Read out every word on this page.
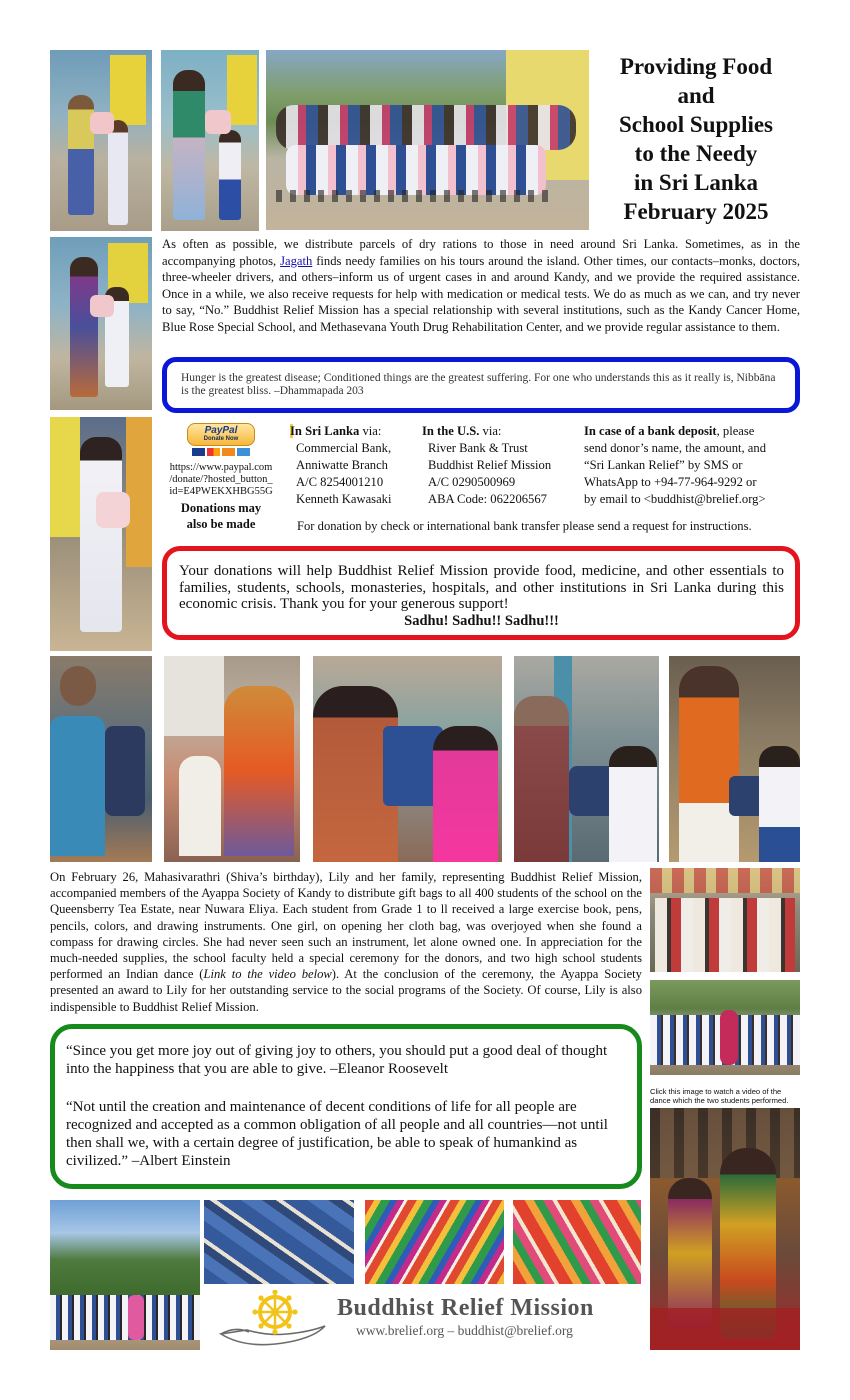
Providing Food
and
School Supplies
to the Needy
in Sri Lanka
February 2025
As often as possible, we distribute parcels of dry rations to those in need around Sri Lanka. Sometimes, as in the accompanying photos, Jagath finds needy families on his tours around the island. Other times, our contacts–monks, doctors, three-wheeler drivers, and others–inform us of urgent cases in and around Kandy, and we provide the required assistance. Once in a while, we also receive requests for help with medication or medical tests. We do as much as we can, and try never to say, “No.” Buddhist Relief Mission has a special relationship with several institutions, such as the Kandy Cancer Home, Blue Rose Special School, and Methasevana Youth Drug Rehabilitation Center, and we provide regular assistance to them.
Hunger is the greatest disease; Conditioned things are the greatest suffering. For one who understands this as it really is, Nibbāna is the greatest bliss. –Dhammapada 203
PayPal
Donate Now
https://www.paypal.com
/donate/?hosted_button_
id=E4PWEKXHBG55G
Donations may
also be made
In Sri Lanka via:
Commercial Bank,
Anniwatte Branch
A/C 8254001210
Kenneth Kawasaki
In the U.S. via:
River Bank & Trust
Buddhist Relief Mission
A/C 0290500969
ABA Code: 062206567
In case of a bank deposit, please
send donor’s name, the amount, and
“Sri Lankan Relief” by SMS or
WhatsApp to +94-77-964-9292 or
by email to <buddhist@brelief.org>
For donation by check or international bank transfer please send a request for instructions.
Your donations will help Buddhist Relief Mission provide food, medicine, and other essentials to families, students, schools, monasteries, hospitals, and other institutions in Sri Lanka during this economic crisis. Thank you for your generous support!
Sadhu! Sadhu!! Sadhu!!!
On February 26, Mahasivarathri (Shiva’s birthday), Lily and her family, representing Buddhist Relief Mission, accompanied members of the Ayappa Society of Kandy to distribute gift bags to all 400 students of the school on the Queensberry Tea Estate, near Nuwara Eliya. Each student from Grade 1 to ll received a large exercise book, pens, pencils, colors, and drawing instruments. One girl, on opening her cloth bag, was overjoyed when she found a compass for drawing circles. She had never seen such an instrument, let alone owned one. In appreciation for the much-needed supplies, the school faculty held a special ceremony for the donors, and two high school students performed an Indian dance (Link to the video below). At the conclusion of the ceremony, the Ayappa Society presented an award to Lily for her outstanding service to the social programs of the Society. Of course, Lily is also indispensible to Buddhist Relief Mission.
Click this image to watch a video of the dance which the two students performed.
“Since you get more joy out of giving joy to others, you should put a good deal of thought into the happiness that you are able to give. –Eleanor Roosevelt
“Not until the creation and maintenance of decent conditions of life for all people are recognized and accepted as a common obligation of all people and all countries—not until then shall we, with a certain degree of justification, be able to speak of humankind as civilized.” –Albert Einstein
Buddhist Relief Mission
www.brelief.org – buddhist@brelief.org
